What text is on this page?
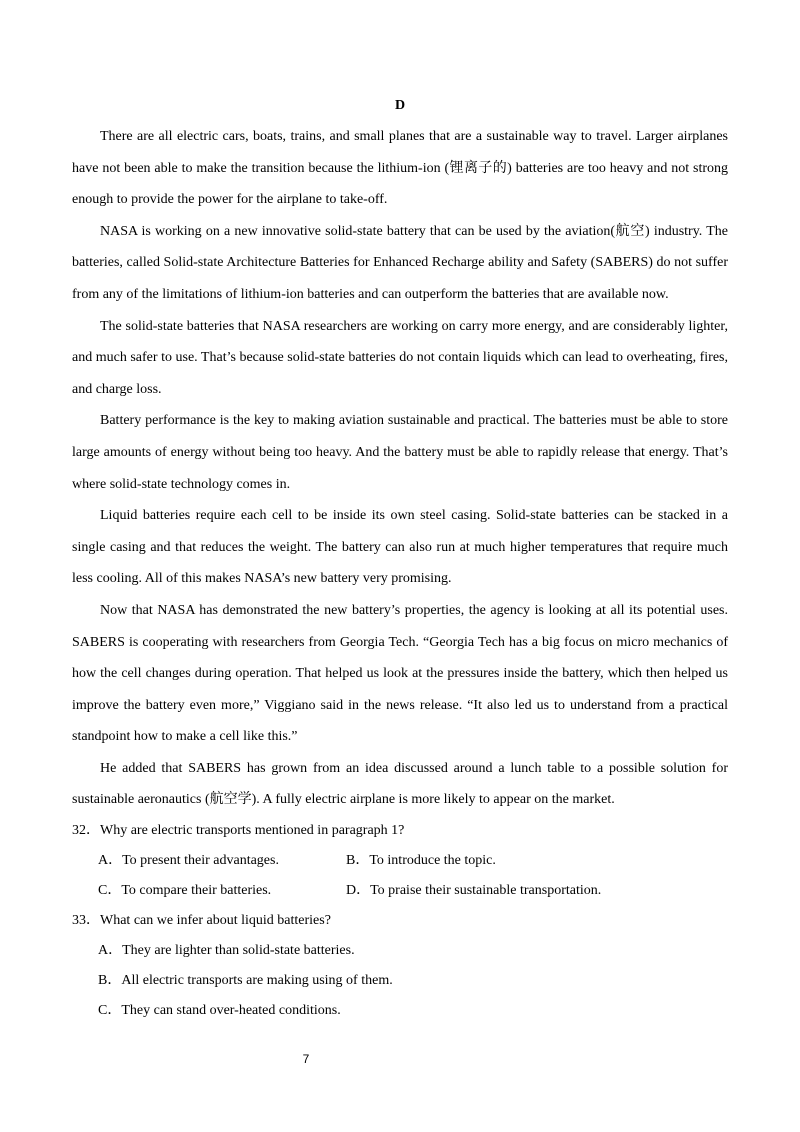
D

There are all electric cars, boats, trains, and small planes that are a sustainable way to travel. Larger airplanes have not been able to make the transition because the lithium-ion (锂离子的) batteries are too heavy and not strong enough to provide the power for the airplane to take-off.

NASA is working on a new innovative solid-state battery that can be used by the aviation(航空) industry. The batteries, called Solid-state Architecture Batteries for Enhanced Recharge ability and Safety (SABERS) do not suffer from any of the limitations of lithium-ion batteries and can outperform the batteries that are available now.

The solid-state batteries that NASA researchers are working on carry more energy, and are considerably lighter, and much safer to use. That’s because solid-state batteries do not contain liquids which can lead to overheating, fires, and charge loss.

Battery performance is the key to making aviation sustainable and practical. The batteries must be able to store large amounts of energy without being too heavy. And the battery must be able to rapidly release that energy. That’s where solid-state technology comes in.

Liquid batteries require each cell to be inside its own steel casing. Solid-state batteries can be stacked in a single casing and that reduces the weight. The battery can also run at much higher temperatures that require much less cooling. All of this makes NASA’s new battery very promising.

Now that NASA has demonstrated the new battery’s properties, the agency is looking at all its potential uses. SABERS is cooperating with researchers from Georgia Tech. “Georgia Tech has a big focus on micro mechanics of how the cell changes during operation. That helped us look at the pressures inside the battery, which then helped us improve the battery even more,” Viggiano said in the news release. “It also led us to understand from a practical standpoint how to make a cell like this.”

He added that SABERS has grown from an idea discussed around a lunch table to a possible solution for sustainable aeronautics (航空学). A fully electric airplane is more likely to appear on the market.

32．Why are electric transports mentioned in paragraph 1?

A．To present their advantages.	B．To introduce the topic.
C．To compare their batteries.	D．To praise their sustainable transportation.

33．What can we infer about liquid batteries?

A．They are lighter than solid-state batteries.
B．All electric transports are making using of them.
C．They can stand over-heated conditions.
7
